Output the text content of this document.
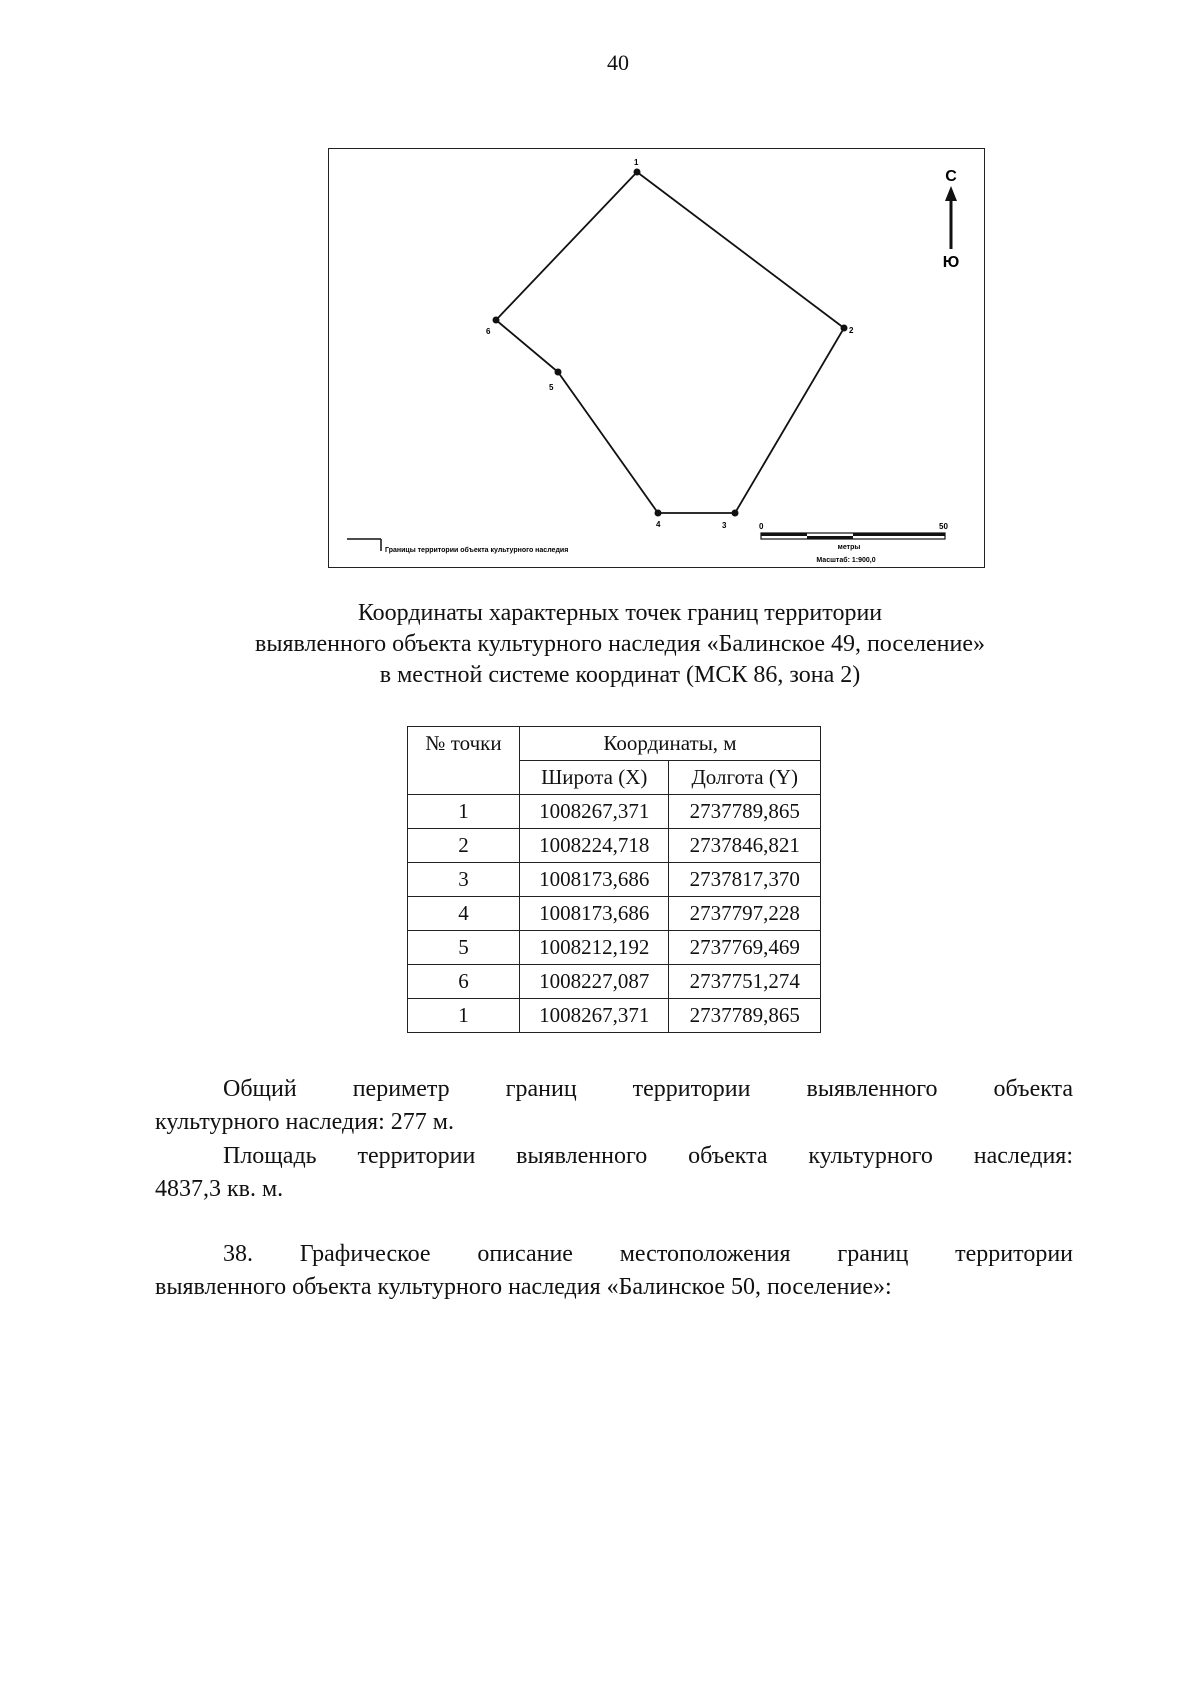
40
1
2
3
4
5
6
С
Ю
Границы территории объекта культурного наследия
0	50
метры
Масштаб: 1:900,0
Координаты характерных точек границ территории
выявленного объекта культурного наследия «Балинское 49, поселение»
в местной системе координат (МСК 86, зона 2)
№ точки	Координаты, м	
	Широта (X)	Долгота (Y)
1	1008267,371	2737789,865
2	1008224,718	2737846,821
3	1008173,686	2737817,370
4	1008173,686	2737797,228
5	1008212,192	2737769,469
6	1008227,087	2737751,274
1	1008267,371	2737789,865
Общий периметр границ территории выявленного объекта
культурного наследия: 277 м.
Площадь территории выявленного объекта культурного наследия:
4837,3 кв. м.
38. Графическое описание местоположения границ территории
выявленного объекта культурного наследия «Балинское 50, поселение»:
